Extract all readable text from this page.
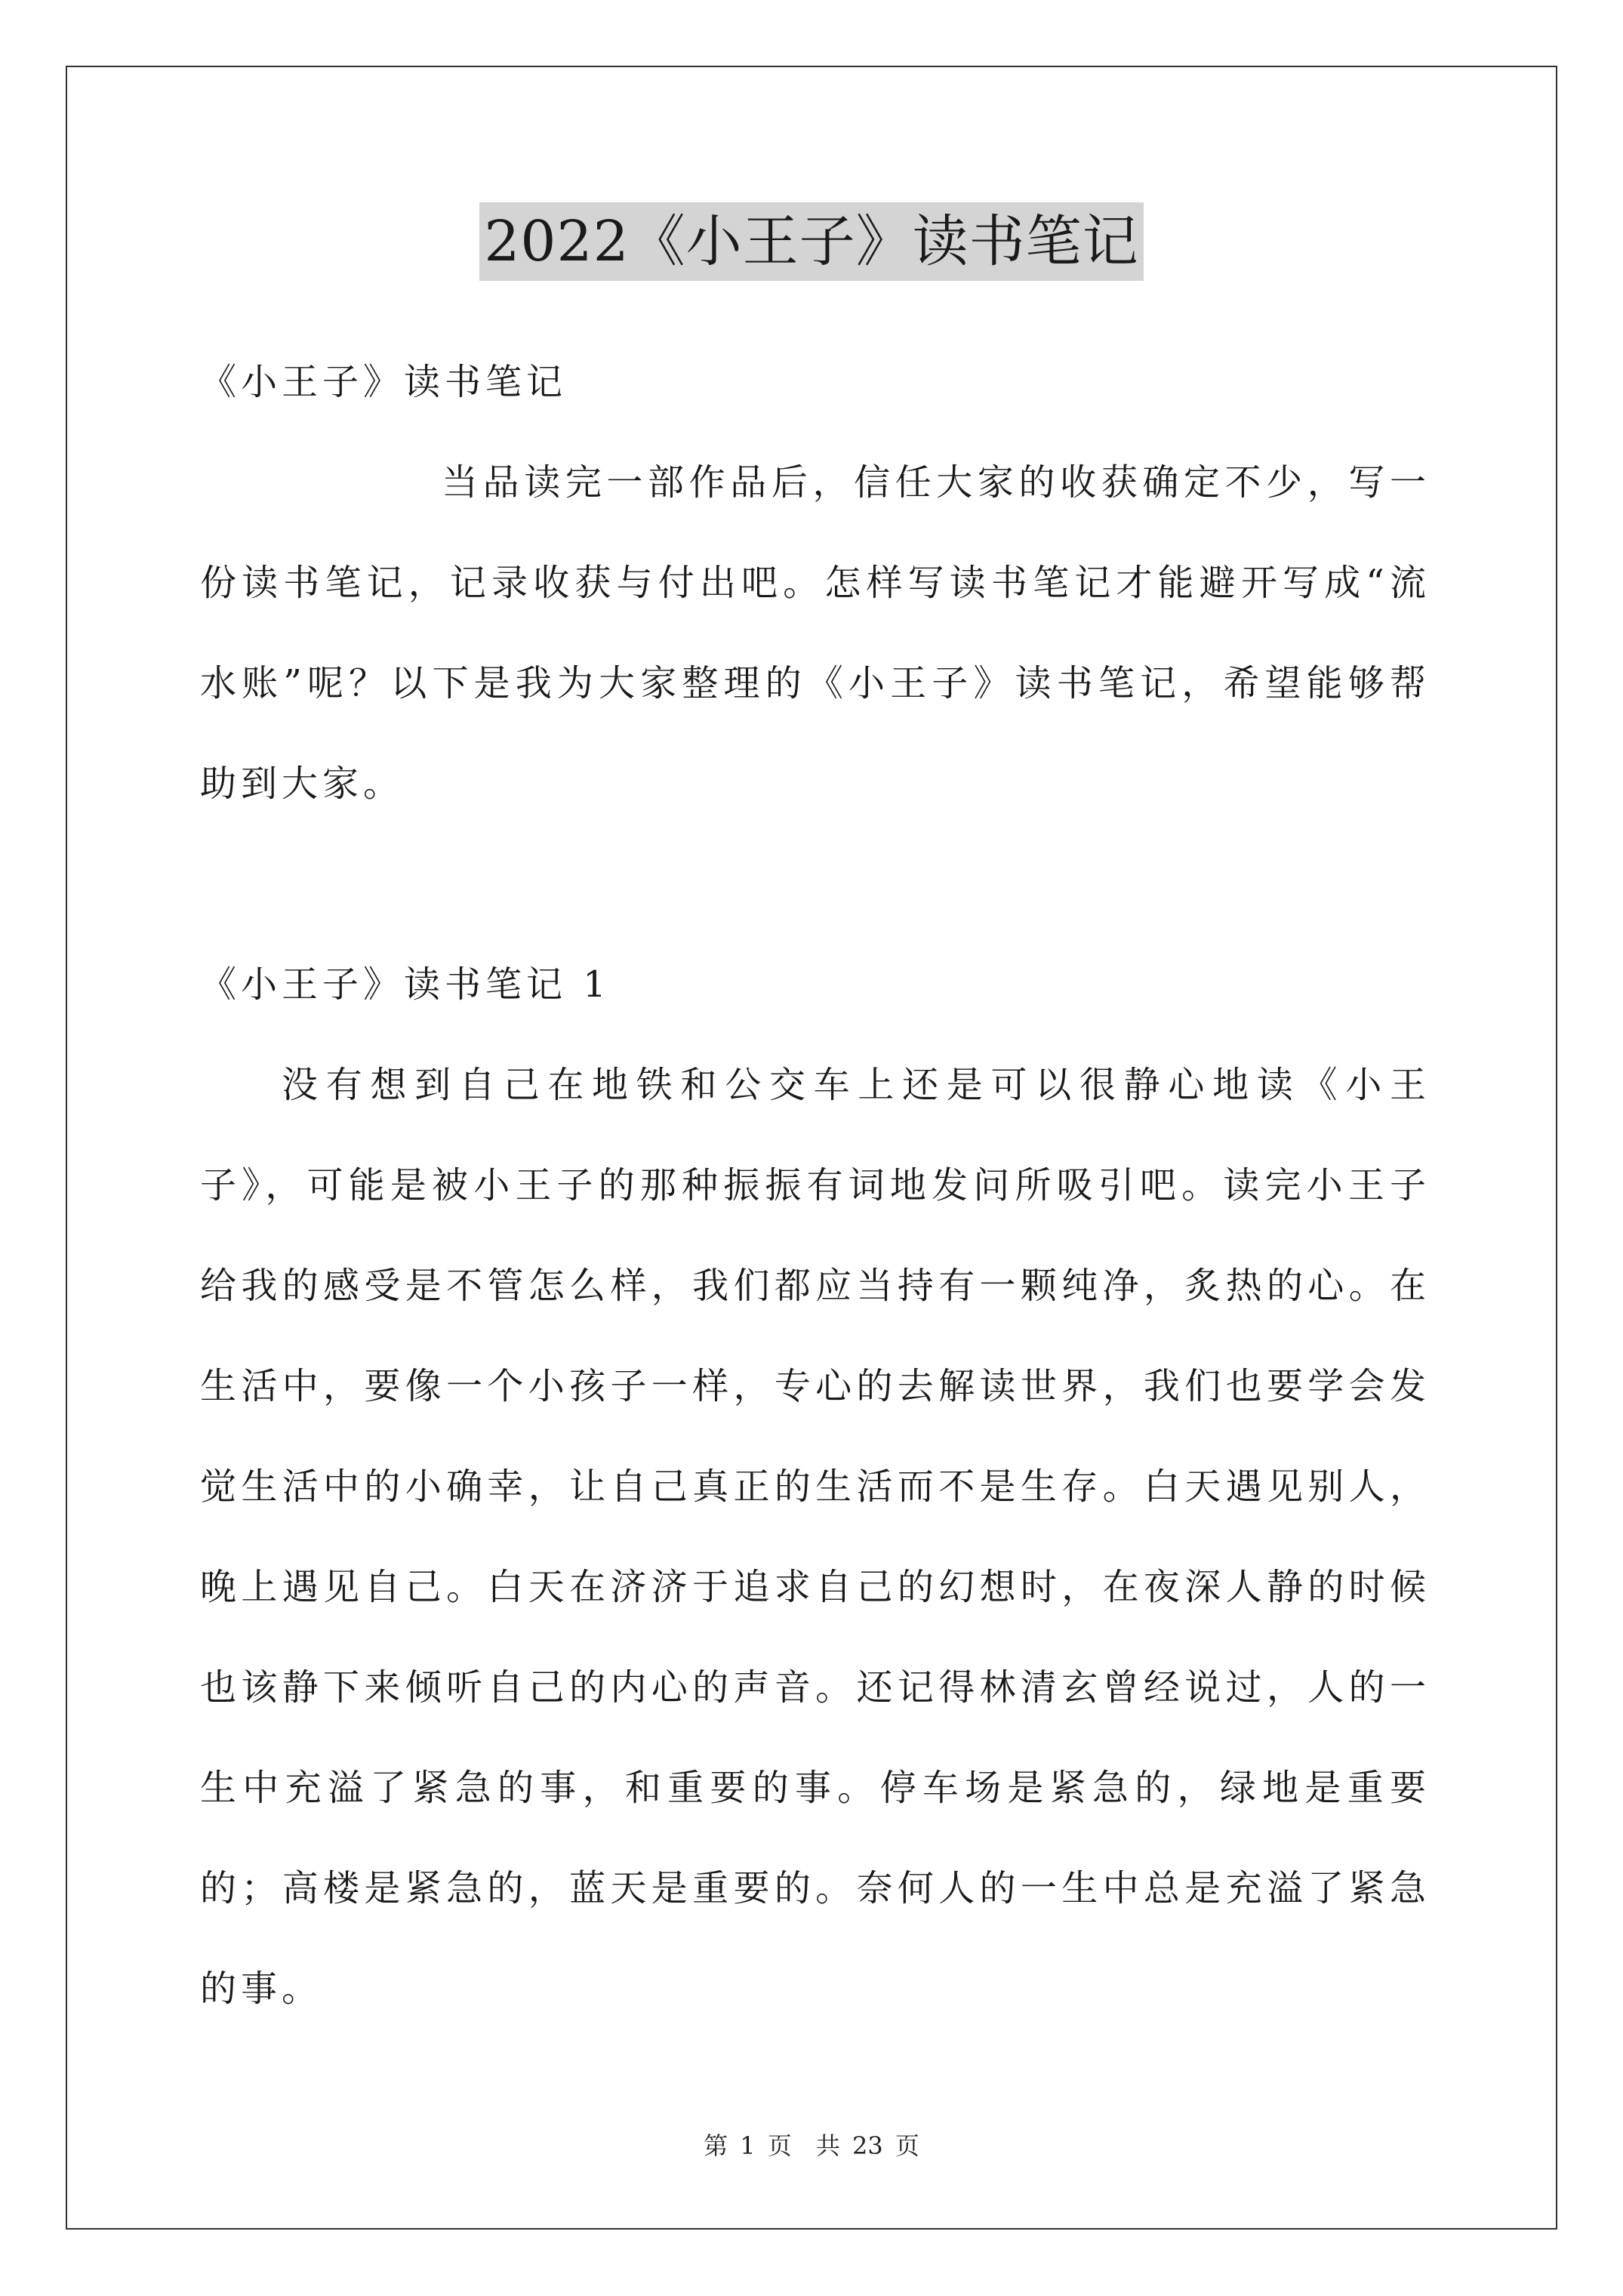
2022《小王子》读书笔记

《小王子》读书笔记

当品读完一部作品后，信任大家的收获确定不少，写一份读书笔记，记录收获与付出吧。怎样写读书笔记才能避开写成“流水账”呢？以下是我为大家整理的《小王子》读书笔记，希望能够帮助到大家。

《小王子》读书笔记 1

没有想到自己在地铁和公交车上还是可以很静心地读《小王子》，可能是被小王子的那种振振有词地发问所吸引吧。读完小王子给我的感受是不管怎么样，我们都应当持有一颗纯净，炙热的心。在生活中，要像一个小孩子一样，专心的去解读世界，我们也要学会发觉生活中的小确幸，让自己真正的生活而不是生存。白天遇见别人，晚上遇见自己。白天在济济于追求自己的幻想时，在夜深人静的时候也该静下来倾听自己的内心的声音。还记得林清玄曾经说过，人的一生中充溢了紧急的事，和重要的事。停车场是紧急的，绿地是重要的；高楼是紧急的，蓝天是重要的。奈何人的一生中总是充溢了紧急的事。

第 1 页　共 23 页
